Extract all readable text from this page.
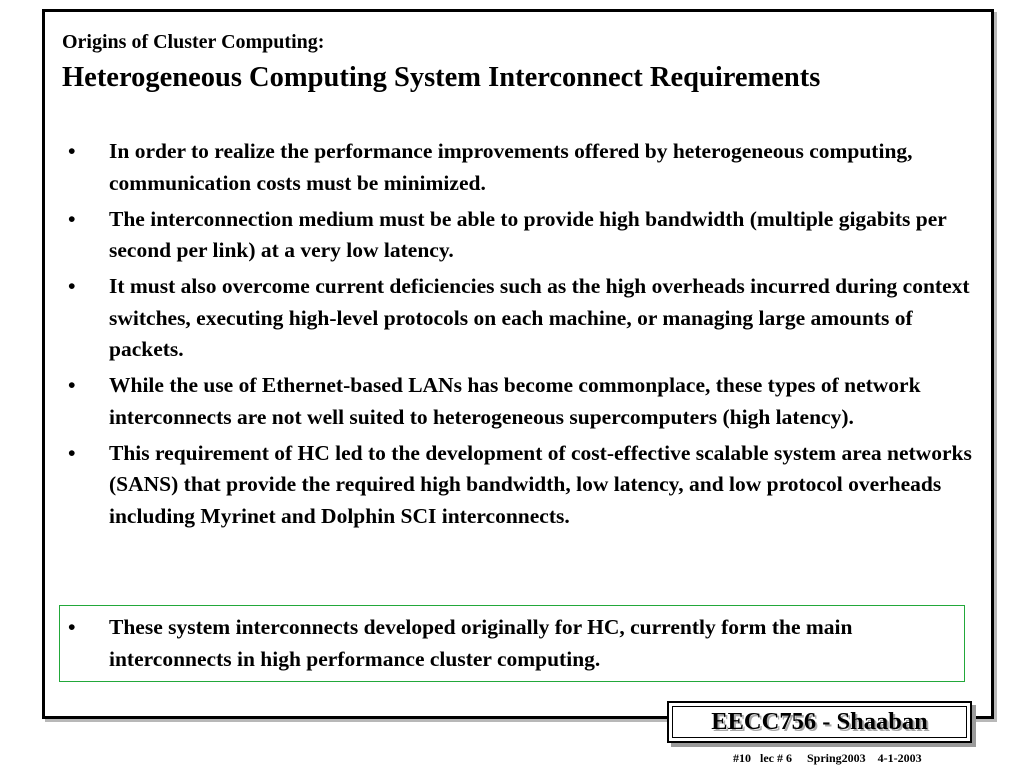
Origins of Cluster Computing:
Heterogeneous Computing System Interconnect Requirements
• In order to realize the performance improvements offered by heterogeneous computing, communication costs must be minimized.
• The interconnection medium must be able to provide high bandwidth (multiple gigabits per second per link) at a very low latency.
• It must also overcome current deficiencies such as the high overheads incurred during context switches, executing high-level protocols on each machine, or managing large amounts of packets.
• While the use of Ethernet-based LANs has become commonplace, these types of network interconnects are not well suited to heterogeneous supercomputers (high latency).
• This requirement of HC led to the development of cost-effective scalable system area networks (SANS) that provide the required high bandwidth, low latency, and low protocol overheads including Myrinet and Dolphin SCI interconnects.

• These system interconnects developed originally for HC, currently form the main interconnects in high performance cluster computing.

EECC756 - Shaaban
#10   lec # 6     Spring2003    4-1-2003
